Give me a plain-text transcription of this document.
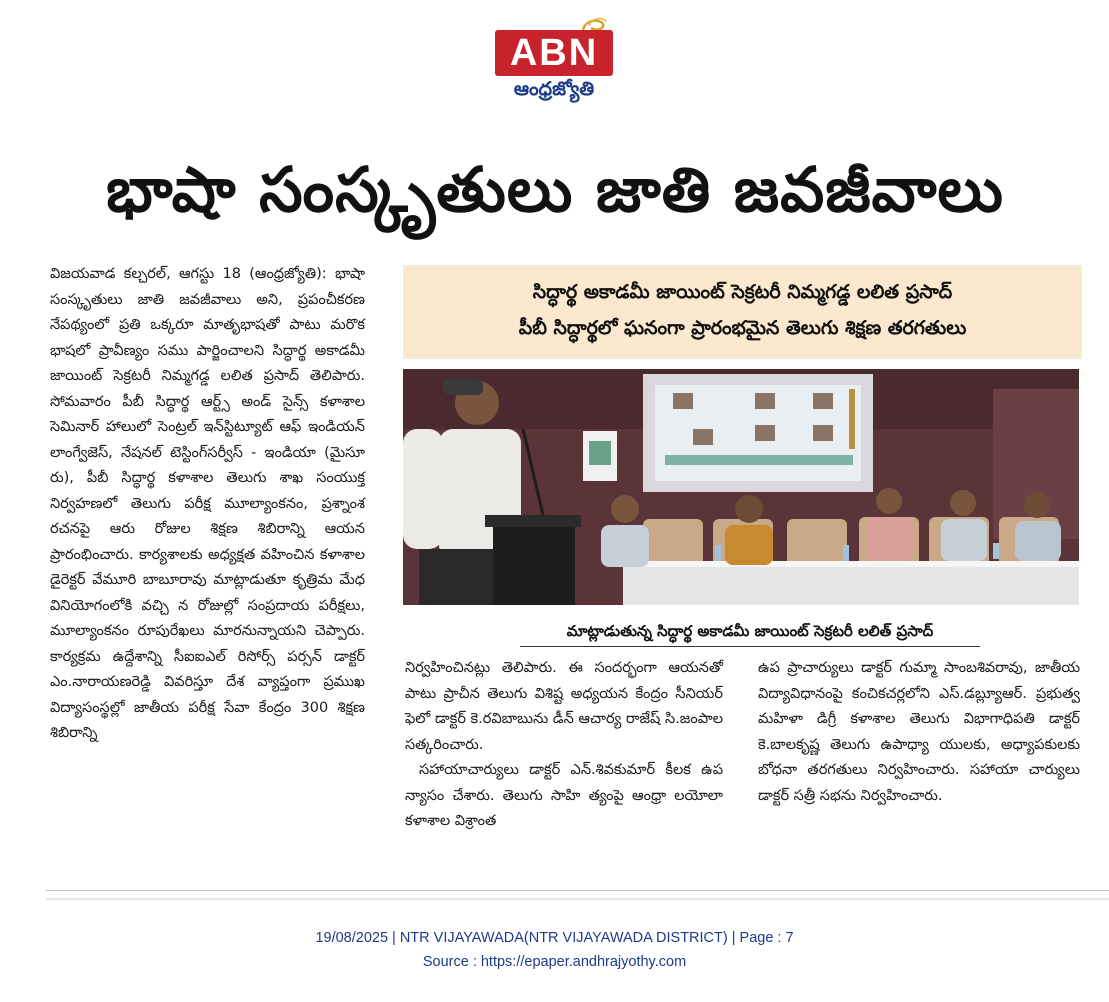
ABN
ఆంధ్రజ్యోతి
భాషా సంస్కృతులు జాతి జవజీవాలు

విజయవాడ కల్చరల్, ఆగస్టు 18 (ఆంధ్రజ్యోతి): భాషా సంస్కృతులు జాతి జవజీవాలు అని, ప్రపంచీకరణ నేపథ్యంలో ప్రతి ఒక్కరూ మాతృభాషతో పాటు మరొక భాషలో ప్రావీణ్యం సము పార్జించాలని సిద్ధార్థ అకాడమీ జాయింట్ సెక్రటరీ నిమ్మగడ్డ లలిత ప్రసాద్ తెలిపారు. సోమవారం పీబీ సిద్ధార్థ ఆర్ట్స్ అండ్ సైన్స్ కళాశాల సెమినార్ హాలులో సెంట్రల్ ఇన్‌స్టిట్యూట్ ఆఫ్ ఇండియన్ లాంగ్వేజెస్, నేషనల్ టెస్టింగ్‌సర్వీస్ - ఇండియా (మైసూ రు), పీబీ సిద్ధార్థ కళాశాల తెలుగు శాఖ సంయుక్త నిర్వహణలో తెలుగు పరీక్ష మూల్యాంకనం, ప్రశ్నాంశ రచనపై ఆరు రోజుల శిక్షణ శిబిరాన్ని ఆయన ప్రారంభించారు. కార్యశాలకు అధ్యక్షత వహించిన కళాశాల డైరెక్టర్ వేమూరి బాబూరావు మాట్లాడుతూ కృత్రిమ మేధ వినియోగంలోకి వచ్చి న రోజుల్లో సంప్రదాయ పరీక్షలు, మూల్యాంకనం రూపురేఖలు మారనున్నాయని చెప్పారు. కార్యక్రమ ఉద్దేశాన్ని సీఐఐఎల్ రిసోర్స్ పర్సన్ డాక్టర్ ఎం.నారాయణరెడ్డి వివరిస్తూ దేశ వ్యాప్తంగా ప్రముఖ విద్యాసంస్థల్లో జాతీయ పరీక్ష సేవా కేంద్రం 300 శిక్షణ శిబిరాన్ని

సిద్ధార్థ అకాడమీ జాయింట్ సెక్రటరీ నిమ్మగడ్డ లలిత ప్రసాద్
పీబీ సిద్ధార్థలో ఘనంగా ప్రారంభమైన తెలుగు శిక్షణ తరగతులు
మాట్లాడుతున్న సిద్ధార్థ అకాడమీ జాయింట్ సెక్రటరీ లలిత్ ప్రసాద్

నిర్వహించినట్లు తెలిపారు. ఈ సందర్భంగా ఆయనతో పాటు ప్రాచీన తెలుగు విశిష్ట అధ్యయన కేంద్రం సీనియర్ ఫెలో డాక్టర్ కె.రవిబాబును డీన్ ఆచార్య రాజేష్ సి.జంపాల సత్కరించారు.

సహాయాచార్యులు డాక్టర్ ఎన్.శివకుమార్ కీలక ఉప న్యాసం చేశారు. తెలుగు సాహి త్యంపై ఆంధ్రా లయోలా కళాశాల విశ్రాంత

ఉప ప్రాచార్యులు డాక్టర్ గుమ్మా సాంబశివరావు, జాతీయ విద్యావిధానంపై కంచికచర్లలోని ఎస్.డబ్ల్యూఆర్. ప్రభుత్వ మహిళా డిగ్రీ కళాశాల తెలుగు విభాగాధిపతి డాక్టర్ కె.బాలకృష్ణ తెలుగు ఉపాధ్యా యులకు, అధ్యాపకులకు బోధనా తరగతులు నిర్వహించారు. సహాయా చార్యులు డాక్టర్ సత్రీ సభను నిర్వహించారు.

19/08/2025 | NTR VIJAYAWADA(NTR VIJAYAWADA DISTRICT) | Page : 7
Source : https://epaper.andhrajyothy.com
